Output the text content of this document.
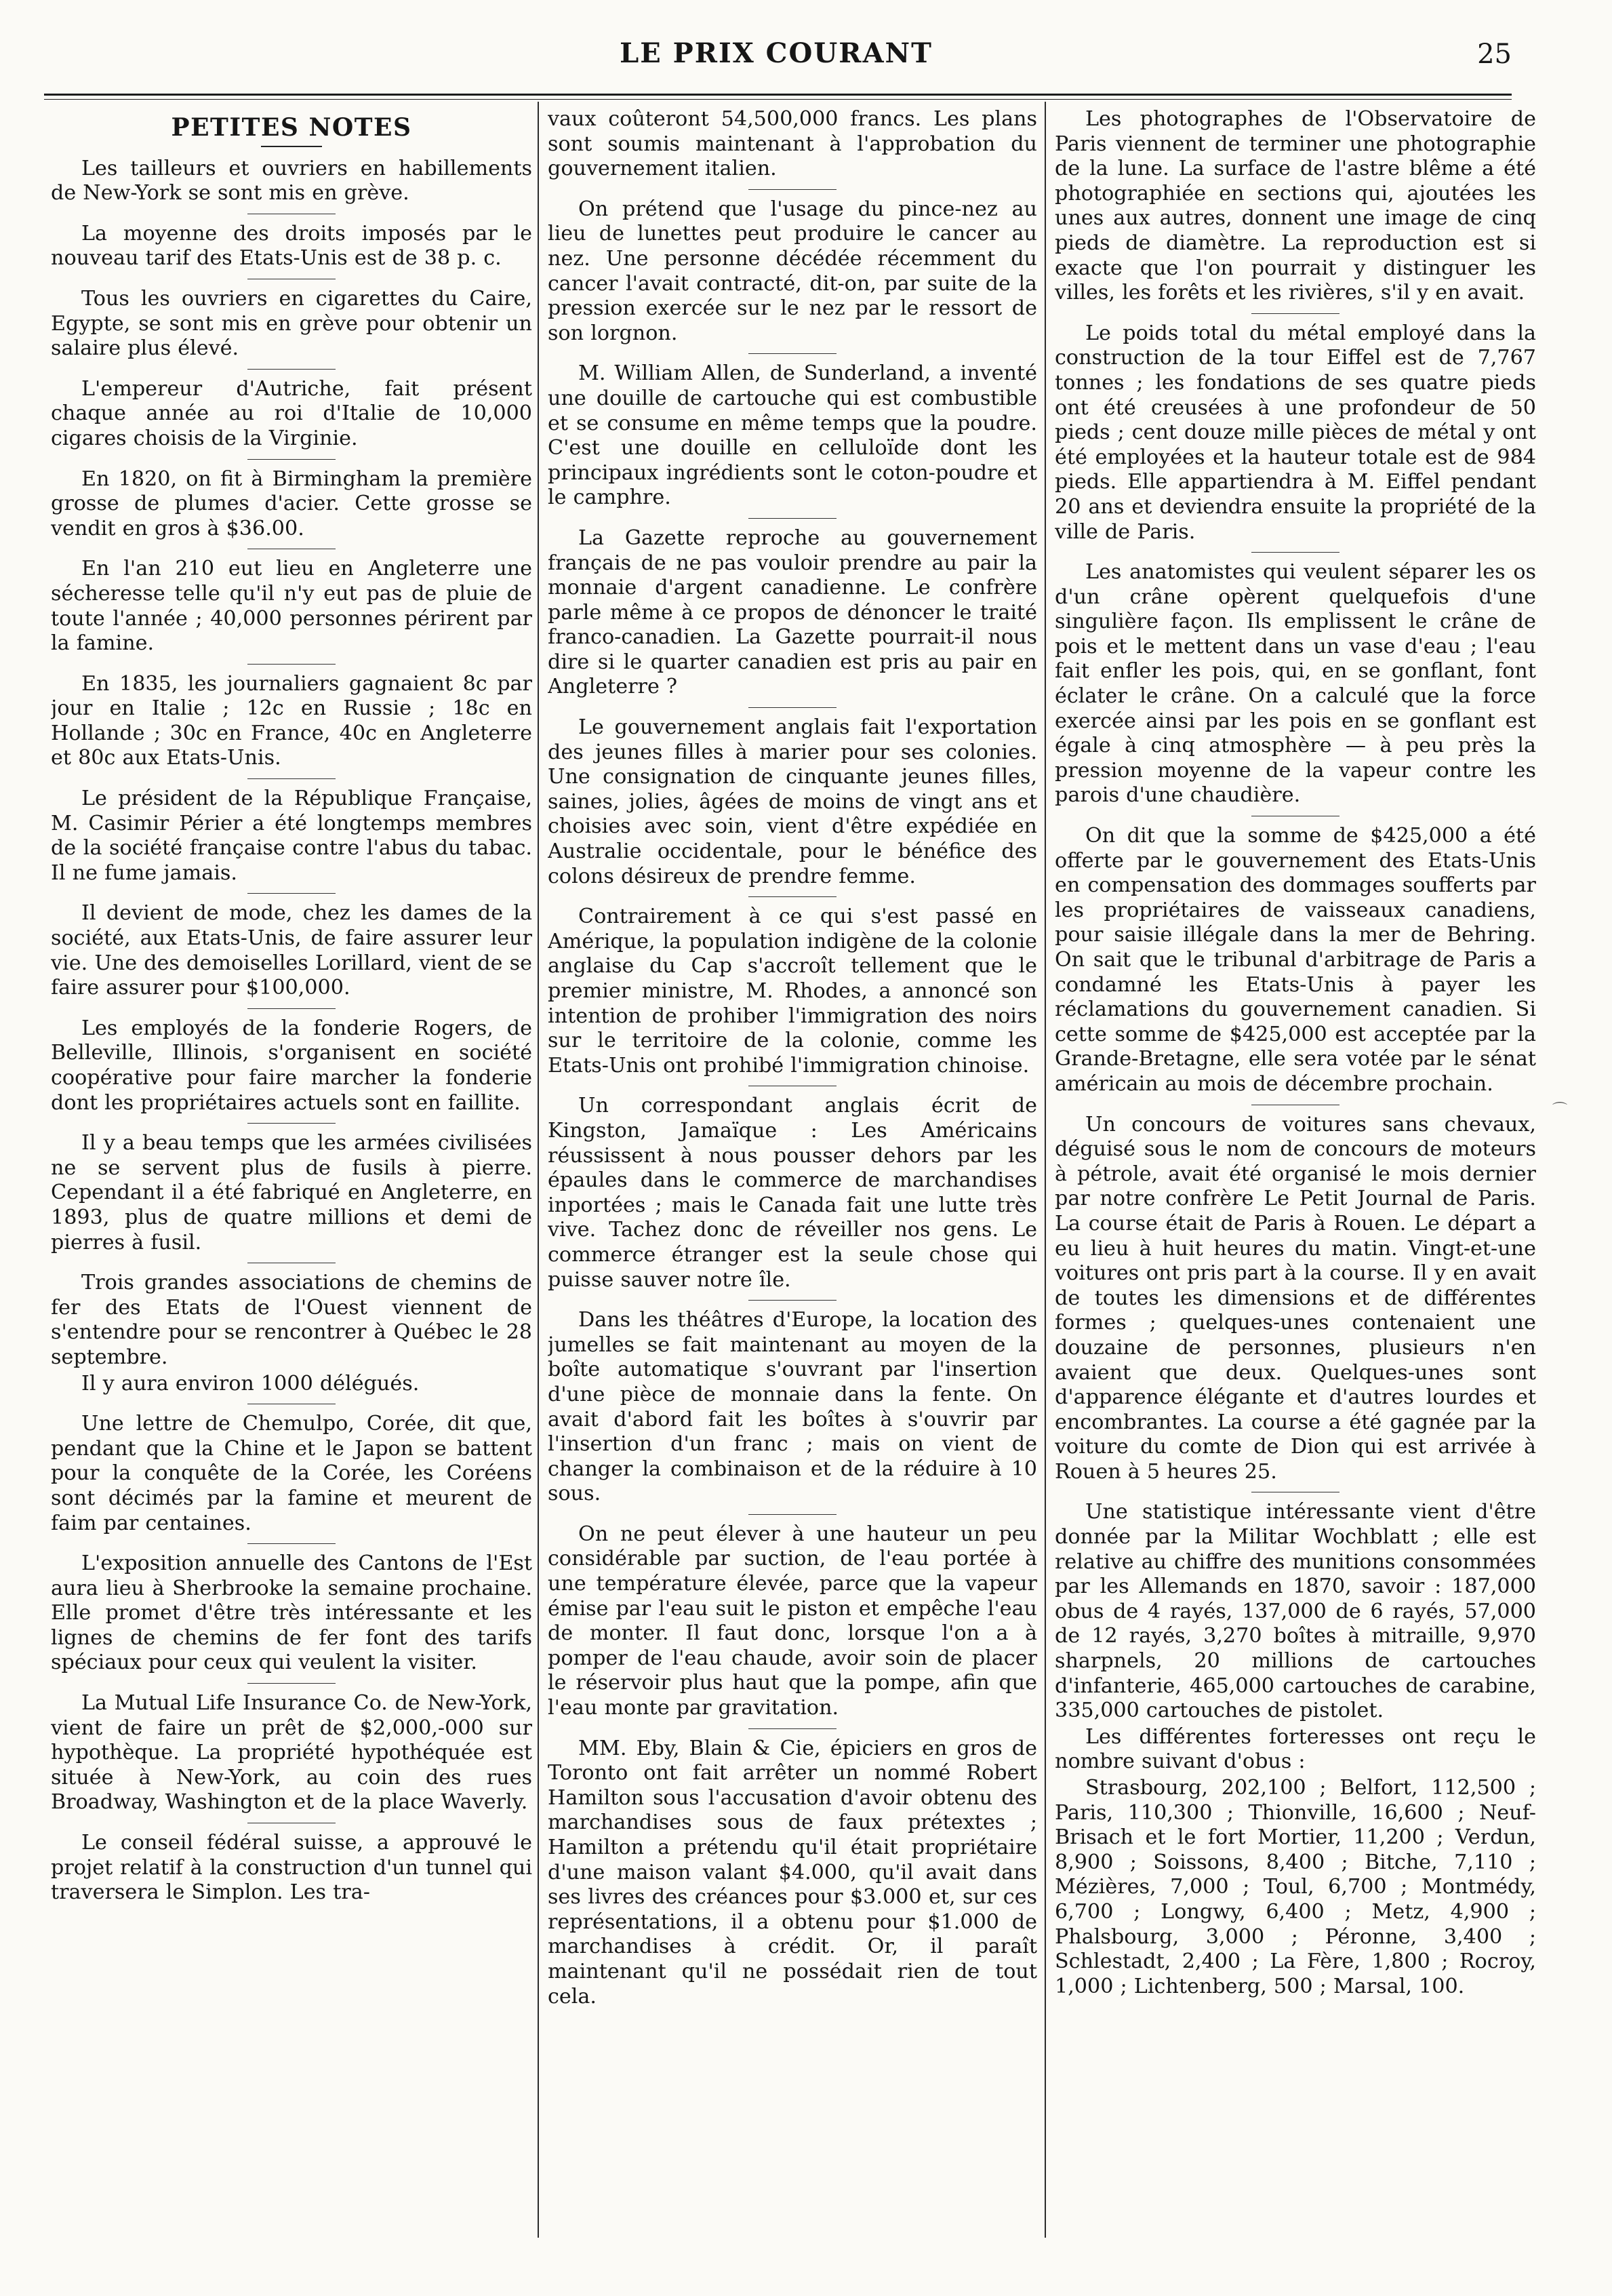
LE PRIX COURANT	25
PETITES NOTES

Les tailleurs et ouvriers en habillements de New-York se sont mis en grève.

La moyenne des droits imposés par le nouveau tarif des Etats-Unis est de 38 p. c.

Tous les ouvriers en cigarettes du Caire, Egypte, se sont mis en grève pour obtenir un salaire plus élevé.

L'empereur d'Autriche, fait présent chaque année au roi d'Italie de 10,000 cigares choisis de la Virginie.

En 1820, on fit à Birmingham la première grosse de plumes d'acier. Cette grosse se vendit en gros à $36.00.

En l'an 210 eut lieu en Angleterre une sécheresse telle qu'il n'y eut pas de pluie de toute l'année ; 40,000 personnes périrent par la famine.

En 1835, les journaliers gagnaient 8c par jour en Italie ; 12c en Russie ; 18c en Hollande ; 30c en France, 40c en Angleterre et 80c aux Etats-Unis.

Le président de la République Française, M. Casimir Périer a été longtemps membres de la société française contre l'abus du tabac. Il ne fume jamais.

Il devient de mode, chez les dames de la société, aux Etats-Unis, de faire assurer leur vie. Une des demoiselles Lorillard, vient de se faire assurer pour $100,000.

Les employés de la fonderie Rogers, de Belleville, Illinois, s'organisent en société coopérative pour faire marcher la fonderie dont les propriétaires actuels sont en faillite.

Il y a beau temps que les armées civilisées ne se servent plus de fusils à pierre. Cependant il a été fabriqué en Angleterre, en 1893, plus de quatre millions et demi de pierres à fusil.

Trois grandes associations de chemins de fer des Etats de l'Ouest viennent de s'entendre pour se rencontrer à Québec le 28 septembre.

Il y aura environ 1000 délégués.

Une lettre de Chemulpo, Corée, dit que, pendant que la Chine et le Japon se battent pour la conquête de la Corée, les Coréens sont décimés par la famine et meurent de faim par centaines.

L'exposition annuelle des Cantons de l'Est aura lieu à Sherbrooke la semaine prochaine. Elle promet d'être très intéressante et les lignes de chemins de fer font des tarifs spéciaux pour ceux qui veulent la visiter.

La Mutual Life Insurance Co. de New-York, vient de faire un prêt de $2,000,-000 sur hypothèque. La propriété hypothéquée est située à New-York, au coin des rues Broadway, Washington et de la place Waverly.

Le conseil fédéral suisse, a approuvé le projet relatif à la construction d'un tunnel qui traversera le Simplon. Les tra-

vaux coûteront 54,500,000 francs. Les plans sont soumis maintenant à l'approbation du gouvernement italien.

On prétend que l'usage du pince-nez au lieu de lunettes peut produire le cancer au nez. Une personne décédée récemment du cancer l'avait contracté, dit-on, par suite de la pression exercée sur le nez par le ressort de son lorgnon.

M. William Allen, de Sunderland, a inventé une douille de cartouche qui est combustible et se consume en même temps que la poudre. C'est une douille en celluloïde dont les principaux ingrédients sont le coton-poudre et le camphre.

La Gazette reproche au gouvernement français de ne pas vouloir prendre au pair la monnaie d'argent canadienne. Le confrère parle même à ce propos de dénoncer le traité franco-canadien. La Gazette pourrait-il nous dire si le quarter canadien est pris au pair en Angleterre ?

Le gouvernement anglais fait l'exportation des jeunes filles à marier pour ses colonies. Une consignation de cinquante jeunes filles, saines, jolies, âgées de moins de vingt ans et choisies avec soin, vient d'être expédiée en Australie occidentale, pour le bénéfice des colons désireux de prendre femme.

Contrairement à ce qui s'est passé en Amérique, la population indigène de la colonie anglaise du Cap s'accroît tellement que le premier ministre, M. Rhodes, a annoncé son intention de prohiber l'immigration des noirs sur le territoire de la colonie, comme les Etats-Unis ont prohibé l'immigration chinoise.

Un correspondant anglais écrit de Kingston, Jamaïque : Les Américains réussissent à nous pousser dehors par les épaules dans le commerce de marchandises inportées ; mais le Canada fait une lutte très vive. Tachez donc de réveiller nos gens. Le commerce étranger est la seule chose qui puisse sauver notre île.

Dans les théâtres d'Europe, la location des jumelles se fait maintenant au moyen de la boîte automatique s'ouvrant par l'insertion d'une pièce de monnaie dans la fente. On avait d'abord fait les boîtes à s'ouvrir par l'insertion d'un franc ; mais on vient de changer la combinaison et de la réduire à 10 sous.

On ne peut élever à une hauteur un peu considérable par suction, de l'eau portée à une température élevée, parce que la vapeur émise par l'eau suit le piston et empêche l'eau de monter. Il faut donc, lorsque l'on a à pomper de l'eau chaude, avoir soin de placer le réservoir plus haut que la pompe, afin que l'eau monte par gravitation.

MM. Eby, Blain & Cie, épiciers en gros de Toronto ont fait arrêter un nommé Robert Hamilton sous l'accusation d'avoir obtenu des marchandises sous de faux prétextes ; Hamilton a prétendu qu'il était propriétaire d'une maison valant $4.000, qu'il avait dans ses livres des créances pour $3.000 et, sur ces représentations, il a obtenu pour $1.000 de marchandises à crédit. Or, il paraît maintenant qu'il ne possédait rien de tout cela.

Les photographes de l'Observatoire de Paris viennent de terminer une photographie de la lune. La surface de l'astre blême a été photographiée en sections qui, ajoutées les unes aux autres, donnent une image de cinq pieds de diamètre. La reproduction est si exacte que l'on pourrait y distinguer les villes, les forêts et les rivières, s'il y en avait.

Le poids total du métal employé dans la construction de la tour Eiffel est de 7,767 tonnes ; les fondations de ses quatre pieds ont été creusées à une profondeur de 50 pieds ; cent douze mille pièces de métal y ont été employées et la hauteur totale est de 984 pieds. Elle appartiendra à M. Eiffel pendant 20 ans et deviendra ensuite la propriété de la ville de Paris.

Les anatomistes qui veulent séparer les os d'un crâne opèrent quelquefois d'une singulière façon. Ils emplissent le crâne de pois et le mettent dans un vase d'eau ; l'eau fait enfler les pois, qui, en se gonflant, font éclater le crâne. On a calculé que la force exercée ainsi par les pois en se gonflant est égale à cinq atmosphère — à peu près la pression moyenne de la vapeur contre les parois d'une chaudière.

On dit que la somme de $425,000 a été offerte par le gouvernement des Etats-Unis en compensation des dommages soufferts par les propriétaires de vaisseaux canadiens, pour saisie illégale dans la mer de Behring. On sait que le tribunal d'arbitrage de Paris a condamné les Etats-Unis à payer les réclamations du gouvernement canadien. Si cette somme de $425,000 est acceptée par la Grande-Bretagne, elle sera votée par le sénat américain au mois de décembre prochain.

Un concours de voitures sans chevaux, déguisé sous le nom de concours de moteurs à pétrole, avait été organisé le mois dernier par notre confrère Le Petit Journal de Paris. La course était de Paris à Rouen. Le départ a eu lieu à huit heures du matin. Vingt-et-une voitures ont pris part à la course. Il y en avait de toutes les dimensions et de différentes formes ; quelques-unes contenaient une douzaine de personnes, plusieurs n'en avaient que deux. Quelques-unes sont d'apparence élégante et d'autres lourdes et encombrantes. La course a été gagnée par la voiture du comte de Dion qui est arrivée à Rouen à 5 heures 25.

Une statistique intéressante vient d'être donnée par la Militar Wochblatt ; elle est relative au chiffre des munitions consommées par les Allemands en 1870, savoir : 187,000 obus de 4 rayés, 137,000 de 6 rayés, 57,000 de 12 rayés, 3,270 boîtes à mitraille, 9,970 sharpnels, 20 millions de cartouches d'infanterie, 465,000 cartouches de carabine, 335,000 cartouches de pistolet.

Les différentes forteresses ont reçu le nombre suivant d'obus :

Strasbourg, 202,100 ; Belfort, 112,500 ; Paris, 110,300 ; Thionville, 16,600 ; Neuf-Brisach et le fort Mortier, 11,200 ; Verdun, 8,900 ; Soissons, 8,400 ; Bitche, 7,110 ; Mézières, 7,000 ; Toul, 6,700 ; Montmédy, 6,700 ; Longwy, 6,400 ; Metz, 4,900 ; Phalsbourg, 3,000 ; Péronne, 3,400 ; Schlestadt, 2,400 ; La Fère, 1,800 ; Rocroy, 1,000 ; Lichtenberg, 500 ; Marsal, 100.

⌒
